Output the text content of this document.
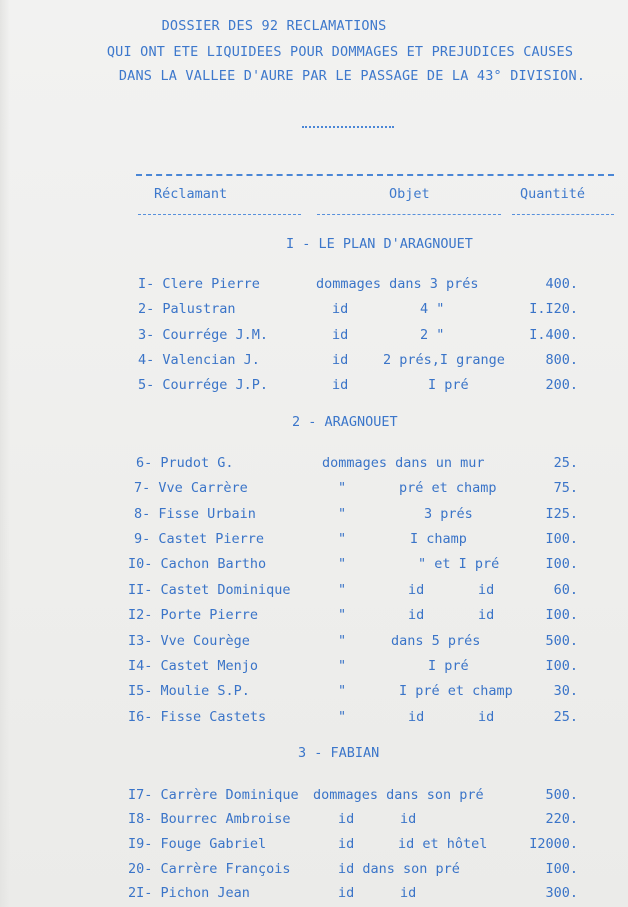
DOSSIER DES 92 RECLAMATIONS
QUI ONT ETE LIQUIDEES POUR DOMMAGES ET PREJUDICES CAUSES
DANS LA VALLEE D'AURE PAR LE PASSAGE DE LA 43° DIVISION.
Réclamant	Objet	Quantité
I - LE PLAN D'ARAGNOUET
I- Clere Pierre	dommages dans 3 prés	400.
2- Palustran	id	4 "	I.I20.
3- Courrége J.M.	id	2 "	I.400.
4- Valencian J.	id	2 prés,I grange	800.
5- Courrége J.P.	id	I pré	200.
2 - ARAGNOUET
6- Prudot G.	dommages dans un mur	25.
7- Vve Carrère	"	pré et champ	75.
8- Fisse Urbain	"	3 prés	I25.
9- Castet Pierre	"	I champ	I00.
I0- Cachon Bartho	"	" et I pré	I00.
II- Castet Dominique	"	id	id	60.
I2- Porte Pierre	"	id	id	I00.
I3- Vve Courège	"	dans 5 prés	500.
I4- Castet Menjo	"	I pré	I00.
I5- Moulie S.P.	"	I pré et champ	30.
I6- Fisse Castets	"	id	id	25.
3 - FABIAN
I7- Carrère Dominique dommages dans son pré	500.
I8- Bourrec Ambroise	id	id	220.
I9- Fouge Gabriel	id	id et hôtel	I2000.
20- Carrère François	id dans son pré	I00.
2I- Pichon Jean	id	id	300.
